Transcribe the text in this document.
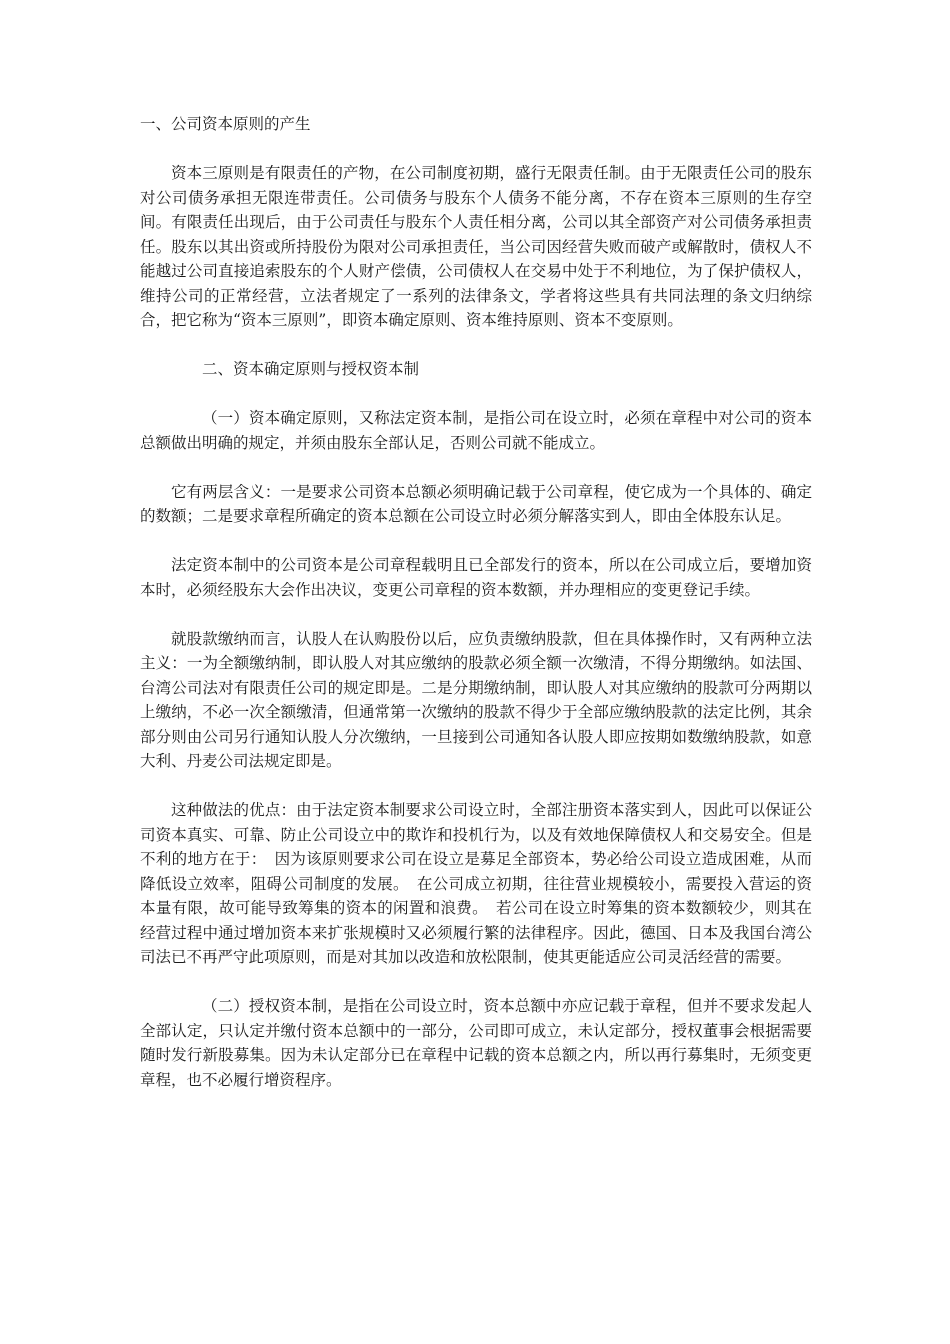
一、公司资本原则的产生

资本三原则是有限责任的产物，在公司制度初期，盛行无限责任制。由于无限责任公司的股东对公司债务承担无限连带责任。公司债务与股东个人债务不能分离，不存在资本三原则的生存空间。有限责任出现后，由于公司责任与股东个人责任相分离，公司以其全部资产对公司债务承担责任。股东以其出资或所持股份为限对公司承担责任，当公司因经营失败而破产或解散时，债权人不能越过公司直接追索股东的个人财产偿债，公司债权人在交易中处于不利地位，为了保护债权人，维持公司的正常经营，立法者规定了一系列的法律条文，学者将这些具有共同法理的条文归纳综合，把它称为“资本三原则”，即资本确定原则、资本维持原则、资本不变原则。

二、资本确定原则与授权资本制

（一）资本确定原则，又称法定资本制，是指公司在设立时，必须在章程中对公司的资本总额做出明确的规定，并须由股东全部认足，否则公司就不能成立。

它有两层含义：一是要求公司资本总额必须明确记载于公司章程，使它成为一个具体的、确定的数额；二是要求章程所确定的资本总额在公司设立时必须分解落实到人，即由全体股东认足。

法定资本制中的公司资本是公司章程载明且已全部发行的资本，所以在公司成立后，要增加资本时，必须经股东大会作出决议，变更公司章程的资本数额，并办理相应的变更登记手续。

就股款缴纳而言，认股人在认购股份以后，应负责缴纳股款，但在具体操作时，又有两种立法主义：一为全额缴纳制，即认股人对其应缴纳的股款必须全额一次缴清，不得分期缴纳。如法国、台湾公司法对有限责任公司的规定即是。二是分期缴纳制，即认股人对其应缴纳的股款可分两期以上缴纳，不必一次全额缴清，但通常第一次缴纳的股款不得少于全部应缴纳股款的法定比例，其余部分则由公司另行通知认股人分次缴纳，一旦接到公司通知各认股人即应按期如数缴纳股款，如意大利、丹麦公司法规定即是。

这种做法的优点：由于法定资本制要求公司设立时，全部注册资本落实到人，因此可以保证公司资本真实、可靠、防止公司设立中的欺诈和投机行为，以及有效地保障债权人和交易安全。但是不利的地方在于：　因为该原则要求公司在设立是募足全部资本，势必给公司设立造成困难，从而降低设立效率，阻碍公司制度的发展。　在公司成立初期，往往营业规模较小，需要投入营运的资本量有限，故可能导致筹集的资本的闲置和浪费。　若公司在设立时筹集的资本数额较少，则其在经营过程中通过增加资本来扩张规模时又必须履行繁的法律程序。因此，德国、日本及我国台湾公司法已不再严守此项原则，而是对其加以改造和放松限制，使其更能适应公司灵活经营的需要。

（二）授权资本制，是指在公司设立时，资本总额中亦应记载于章程，但并不要求发起人全部认定，只认定并缴付资本总额中的一部分，公司即可成立，未认定部分，授权董事会根据需要随时发行新股募集。因为未认定部分已在章程中记载的资本总额之内，所以再行募集时，无须变更章程，也不必履行增资程序。
